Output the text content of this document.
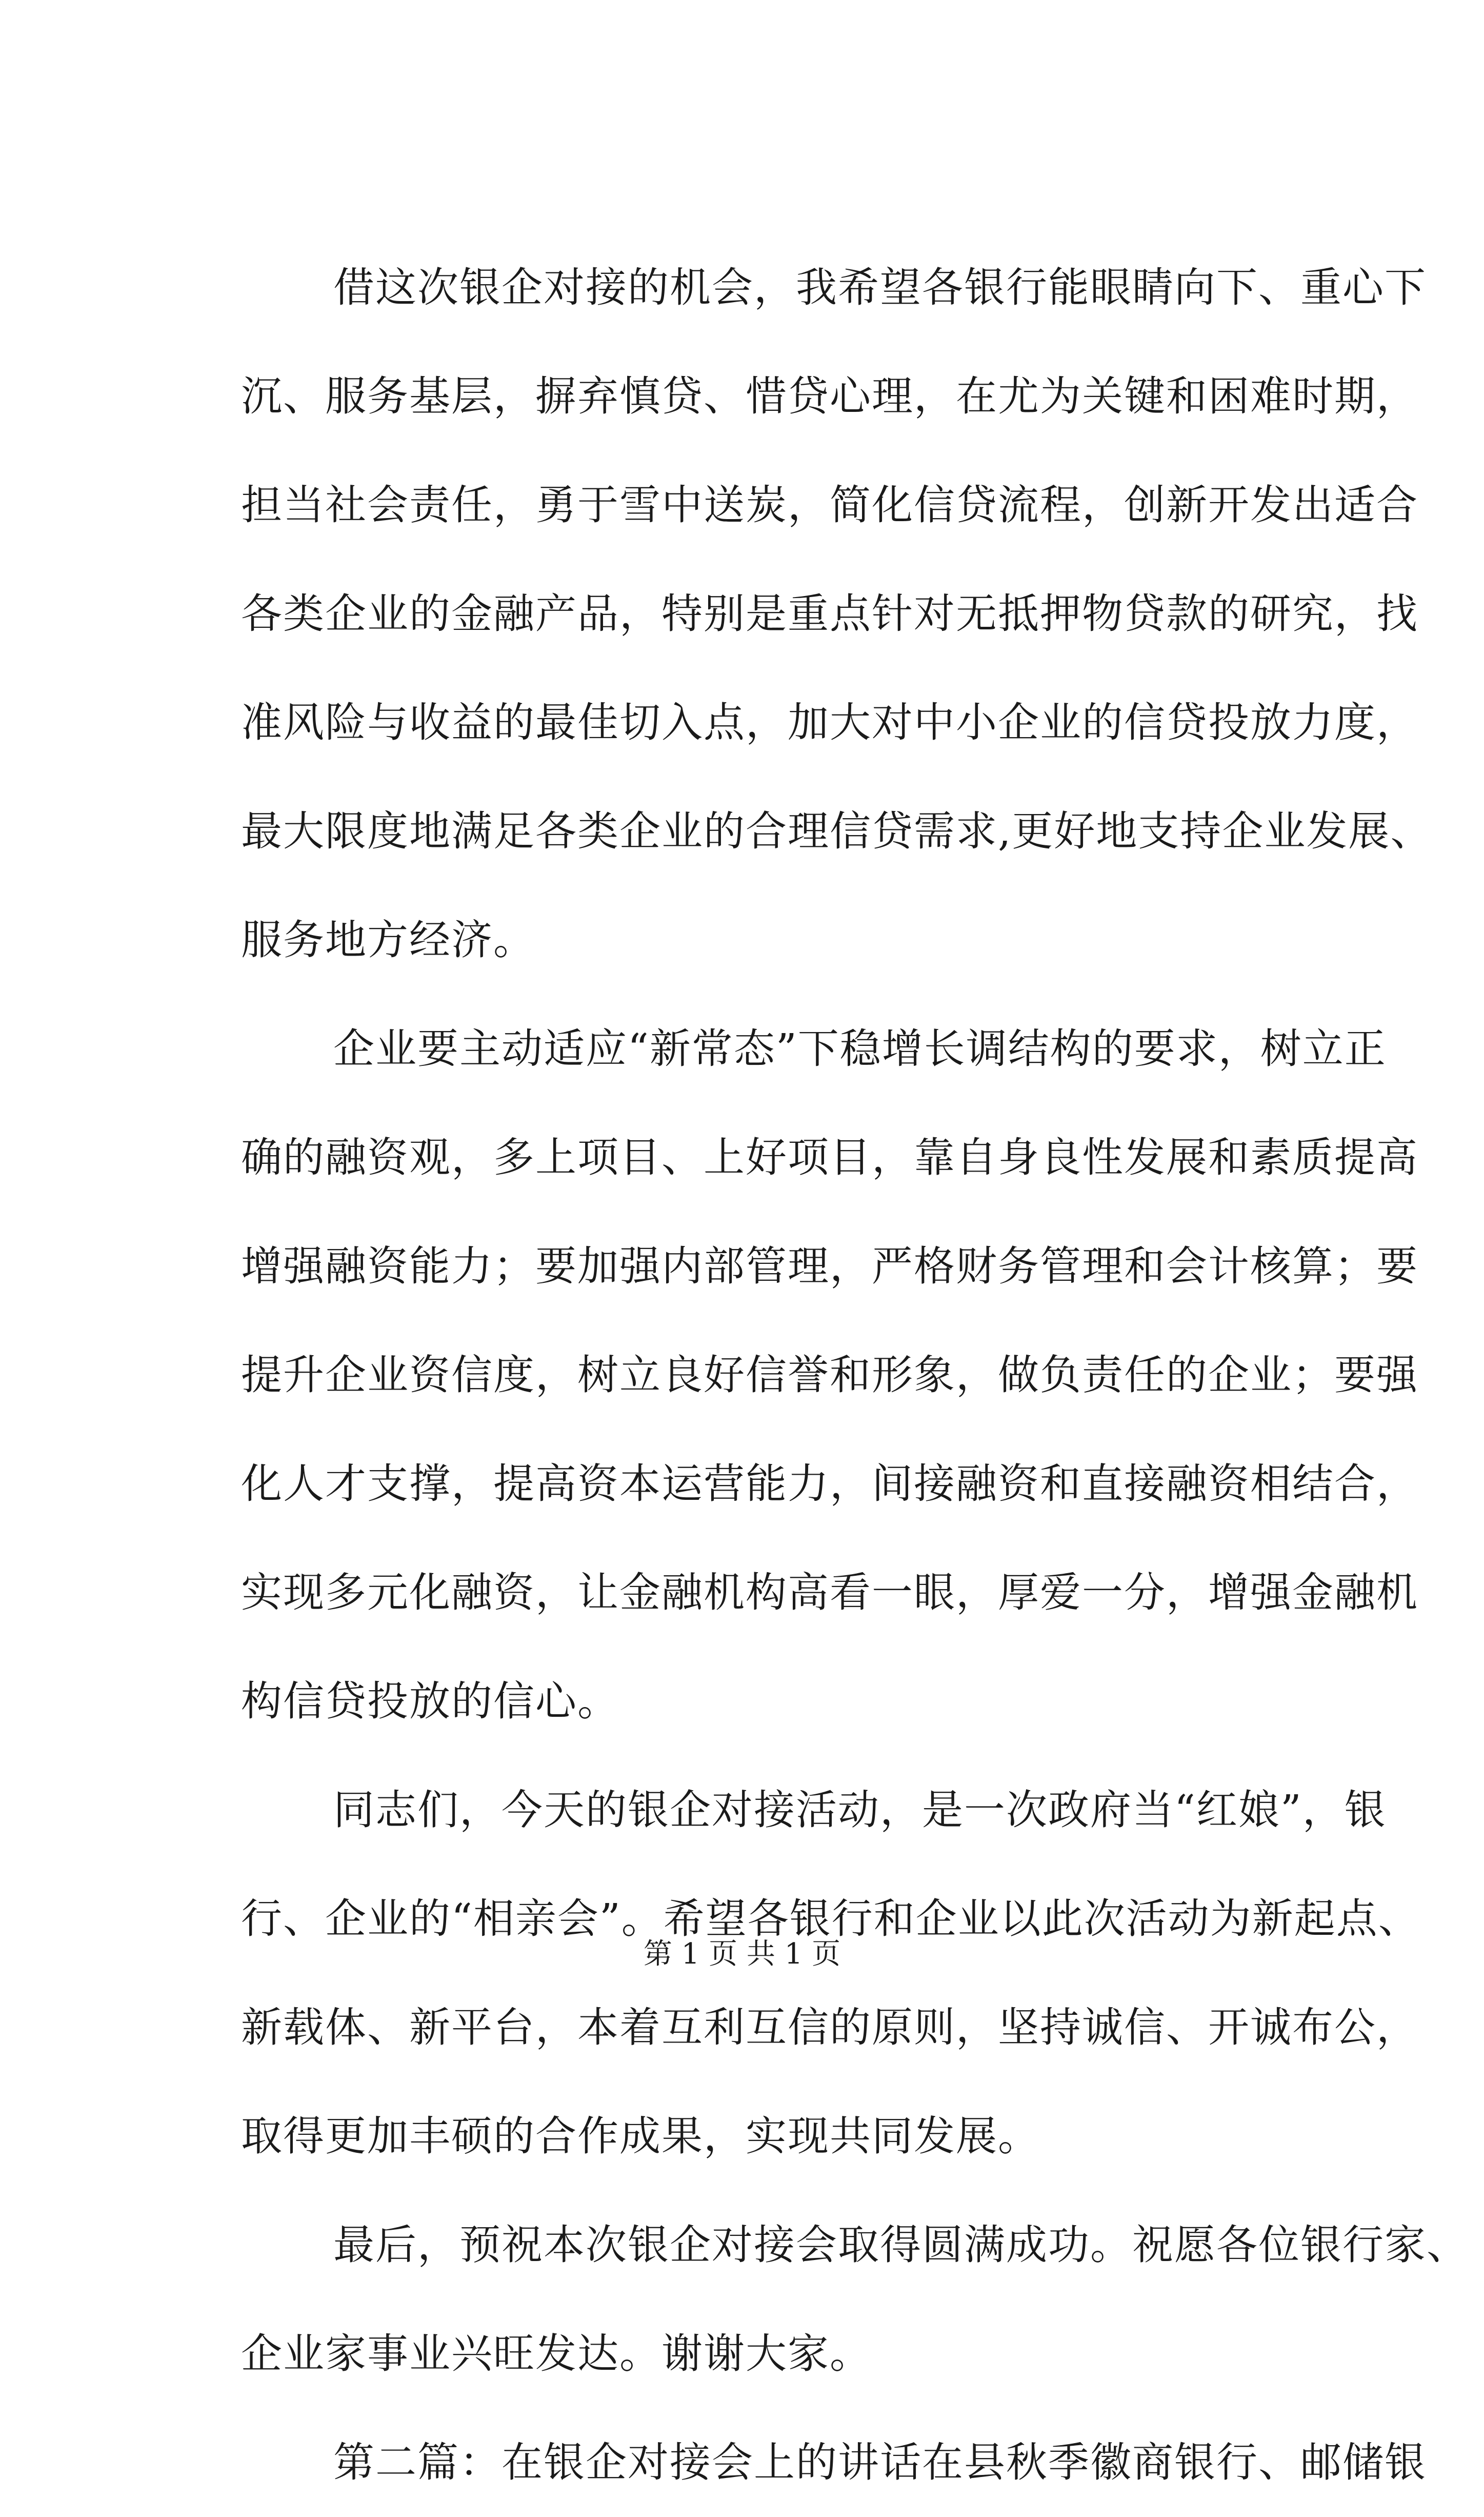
借这次银企对接的机会，我希望各银行能眼睛向下、重心下
沉、服务基层，摒弃慎贷、惜贷心理，在尤为关键和困难时期，
担当社会责任，勇于雪中送炭，简化信贷流程，创新开发出适合
各类企业的金融产品，特别是重点针对无抵押物贷款的研究，找
准风险与收益的最佳切入点，加大对中小企业的信贷投放力度，
最大限度地满足各类企业的合理信贷需求,更好地支持企业发展、
服务地方经济。
企业要主动适应“新常态”下稳增长调结构的要求，树立正
确的融资观，多上项目、上好项目，靠自身良性发展和素质提高
增强融资能力；要加强内部管理，严格财务管理和会计核算；要
提升企业资信度，树立良好信誉和形象，做负责任的企业；要强
化人才支撑，提高资本运营能力，间接融资和直接融资相结合，
实现多元化融资，让金融机构高看一眼，厚爱一分，增强金融机
构信贷投放的信心。
同志们，今天的银企对接活动，是一次政府当“红娘”，银
行、企业的“相亲会”。希望各银行和企业以此次活动为新起点、
新载体、新平台，本着互利互信的原则，坚持诚信、开诚布公，
取得更加丰硕的合作成果，实现共同发展。
最后，预祝本次银企对接会取得圆满成功。祝愿各位银行家、
企业家事业兴旺发达。谢谢大家。
第二篇：在银企对接会上的讲话在县秋季徽商银行、邮储银
第 1 页 共 1 页
